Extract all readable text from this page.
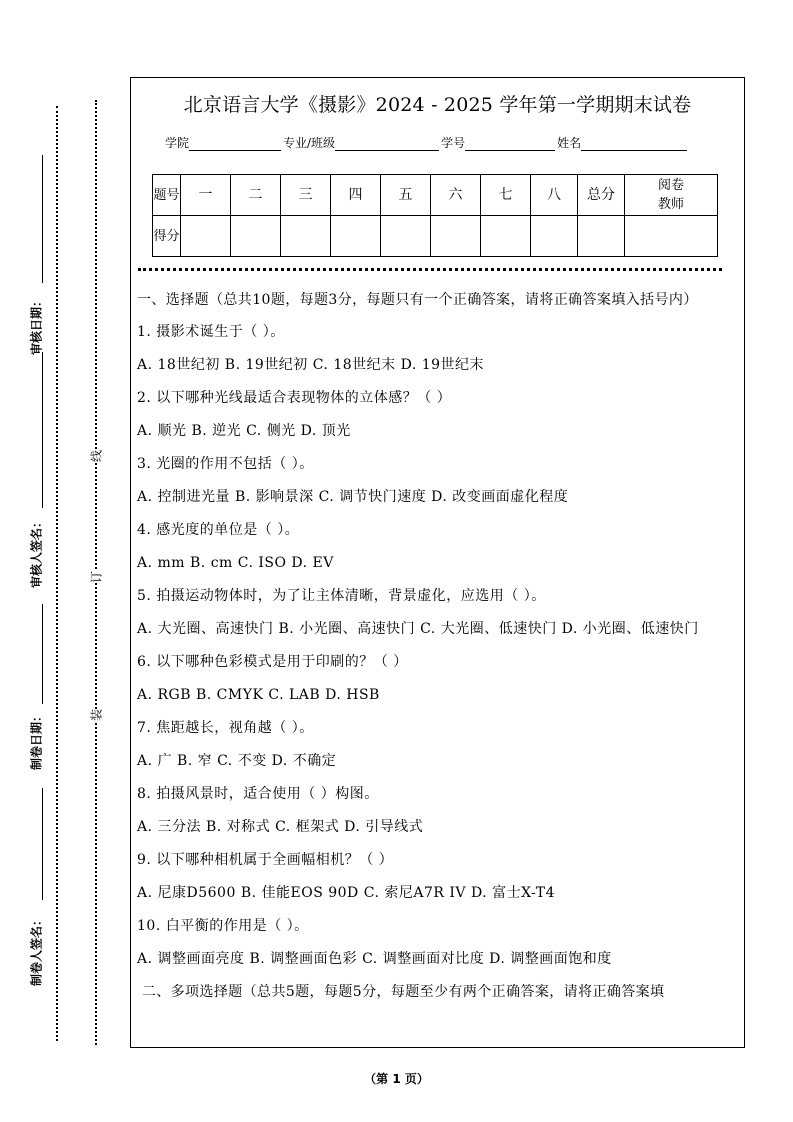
审核日期：
审核人签名：
制卷日期：
制卷人签名：
线
订
装
北京语言大学《摄影》2024 - 2025 学年第一学期期末试卷
学院	专业/班级	学号	姓名
题号	一	二	三	四	五	六	七	八	总分	阅卷教师

得分										

一、选择题（总共10题，每题3分，每题只有一个正确答案，请将正确答案填入括号内）

1. 摄影术诞生于（ ）。

A. 18世纪初 B. 19世纪初 C. 18世纪末 D. 19世纪末

2. 以下哪种光线最适合表现物体的立体感？（ ）

A. 顺光 B. 逆光 C. 侧光 D. 顶光

3. 光圈的作用不包括（ ）。

A. 控制进光量 B. 影响景深 C. 调节快门速度 D. 改变画面虚化程度

4. 感光度的单位是（ ）。

A. mm B. cm C. ISO D. EV

5. 拍摄运动物体时，为了让主体清晰，背景虚化，应选用（ ）。

A. 大光圈、高速快门 B. 小光圈、高速快门 C. 大光圈、低速快门 D. 小光圈、低速快门

6. 以下哪种色彩模式是用于印刷的？（ ）

A. RGB B. CMYK C. LAB D. HSB

7. 焦距越长，视角越（ ）。

A. 广 B. 窄 C. 不变 D. 不确定

8. 拍摄风景时，适合使用（ ）构图。

A. 三分法 B. 对称式 C. 框架式 D. 引导线式

9. 以下哪种相机属于全画幅相机？（ ）

A. 尼康D5600 B. 佳能EOS 90D C. 索尼A7R IV D. 富士X-T4

10. 白平衡的作用是（ ）。

A. 调整画面亮度 B. 调整画面色彩 C. 调整画面对比度 D. 调整画面饱和度

二、多项选择题（总共5题，每题5分，每题至少有两个正确答案，请将正确答案填

（第 1 页）
